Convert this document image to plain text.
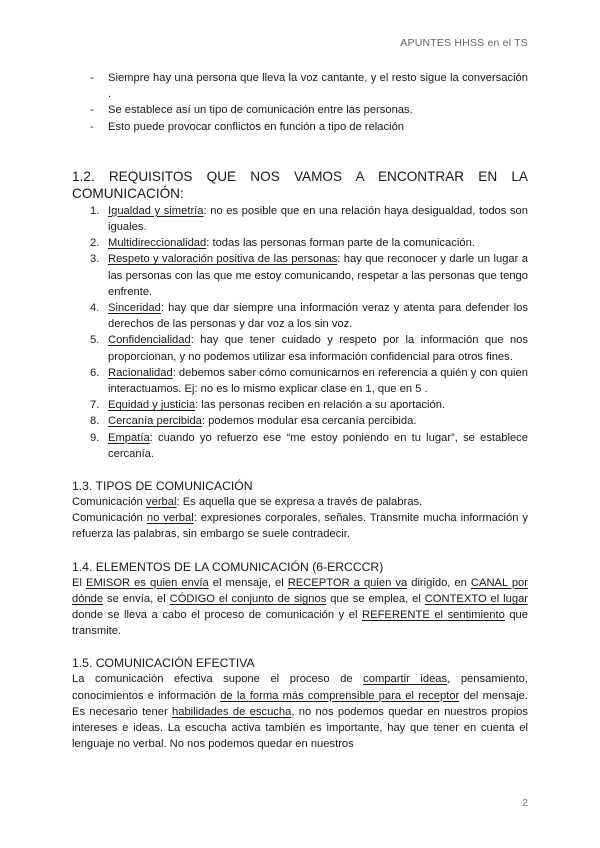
APUNTES HHSS en el TS
- Siempre hay una persona que lleva la voz cantante, y el resto sigue la conversación .
- Se establece así un tipo de comunicación entre las personas.
- Esto puede provocar conflictos en función a tipo de relación
1.2. REQUISITOS QUE NOS VAMOS A ENCONTRAR EN LA COMUNICACIÓN:
1. Igualdad y simetría: no es posible que en una relación haya desigualdad, todos son iguales.
2. Multidireccionalidad: todas las personas forman parte de la comunicación.
3. Respeto y valoración positiva de las personas: hay que reconocer y darle un lugar a las personas con las que me estoy comunicando, respetar a las personas que tengo enfrente.
4. Sinceridad: hay que dar siempre una información veraz y atenta para defender los derechos de las personas y dar voz a los sin voz.
5. Confidencialidad: hay que tener cuidado y respeto por la información que nos proporcionan, y no podemos utilizar esa información confidencial para otros fines.
6. Racionalidad: debemos saber cómo comunicarnos en referencia a quién y con quien interactuamos. Ej: no es lo mismo explicar clase en 1, que en 5 .
7. Equidad y justicia: las personas reciben en relación a su aportación.
8. Cercanía percibida: podemos modular esa cercanía percibida.
9. Empatía: cuando yo refuerzo ese “me estoy poniendo en tu lugar”, se establece cercanía.
1.3. TIPOS DE COMUNICACIÓN

Comunicación verbal: Es aquella que se expresa a través de palabras.

Comunicación no verbal: expresiones corporales, señales. Transmite mucha información y refuerza las palabras, sin embargo se suele contradecir.

1.4. ELEMENTOS DE LA COMUNICACIÓN (6-ERCCCR)

El EMISOR es quien envía el mensaje, el RECEPTOR a quien va dirigido, en CANAL por dónde se envía, el CÓDIGO el conjunto de signos que se emplea, el CONTEXTO el lugar donde se lleva a cabo el proceso de comunicación y el REFERENTE el sentimiento que transmite.

1.5. COMUNICACIÓN EFECTIVA

La comunicación efectiva supone el proceso de compartir ideas, pensamiento, conocimientos e información de la forma más comprensible para el receptor del mensaje. Es necesario tener habilidades de escucha, no nos podemos quedar en nuestros propios intereses e ideas. La escucha activa también es importante, hay que tener en cuenta el lenguaje no verbal. No nos podemos quedar en nuestros

2
